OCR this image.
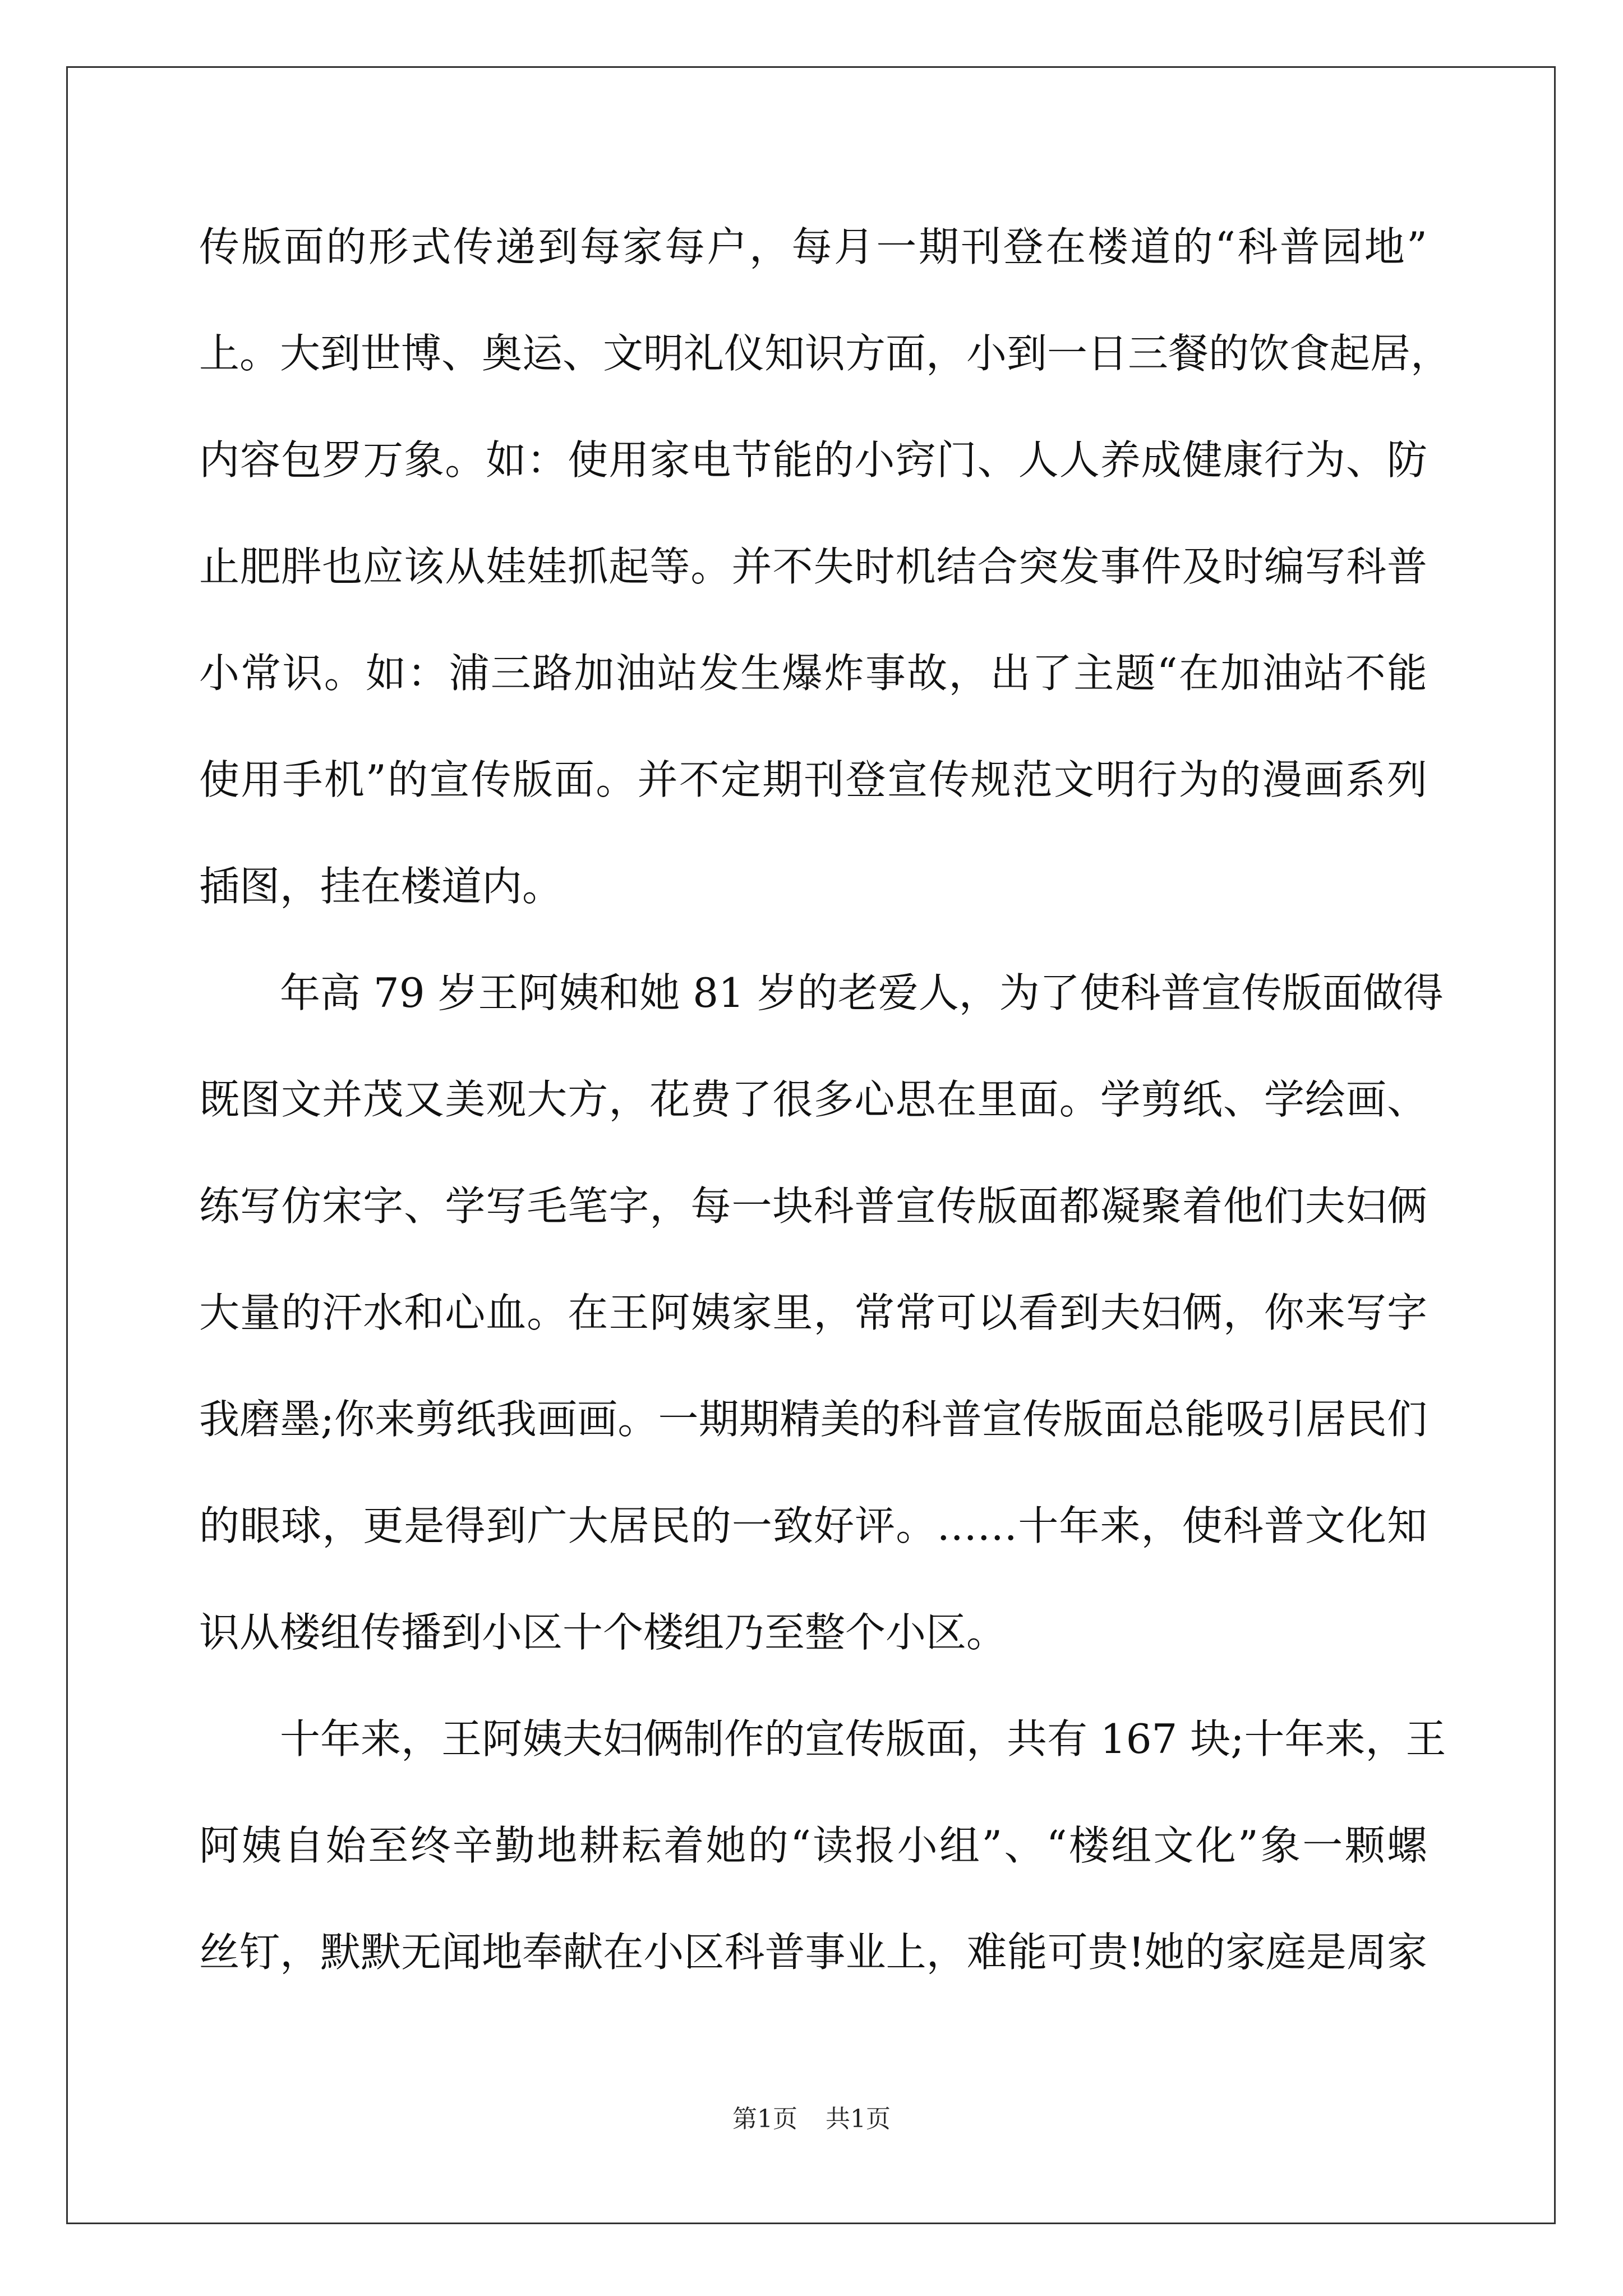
传版面的形式传递到每家每户，每月一期刊登在楼道的“科普园地”
上。大到世博、奥运、文明礼仪知识方面，小到一日三餐的饮食起居，
内容包罗万象。如：使用家电节能的小窍门、人人养成健康行为、防
止肥胖也应该从娃娃抓起等。并不失时机结合突发事件及时编写科普
小常识。如：浦三路加油站发生爆炸事故，出了主题“在加油站不能
使用手机”的宣传版面。并不定期刊登宣传规范文明行为的漫画系列
插图，挂在楼道内。
年高 79 岁王阿姨和她 81 岁的老爱人，为了使科普宣传版面做得
既图文并茂又美观大方，花费了很多心思在里面。学剪纸、学绘画、
练写仿宋字、学写毛笔字，每一块科普宣传版面都凝聚着他们夫妇俩
大量的汗水和心血。在王阿姨家里，常常可以看到夫妇俩，你来写字
我磨墨;你来剪纸我画画。一期期精美的科普宣传版面总能吸引居民们
的眼球，更是得到广大居民的一致好评。……十年来，使科普文化知
识从楼组传播到小区十个楼组乃至整个小区。
十年来，王阿姨夫妇俩制作的宣传版面，共有 167 块;十年来，王
阿姨自始至终辛勤地耕耘着她的“读报小组”、“楼组文化”象一颗螺
丝钉，默默无闻地奉献在小区科普事业上，难能可贵!她的家庭是周家
第1页 共1页
